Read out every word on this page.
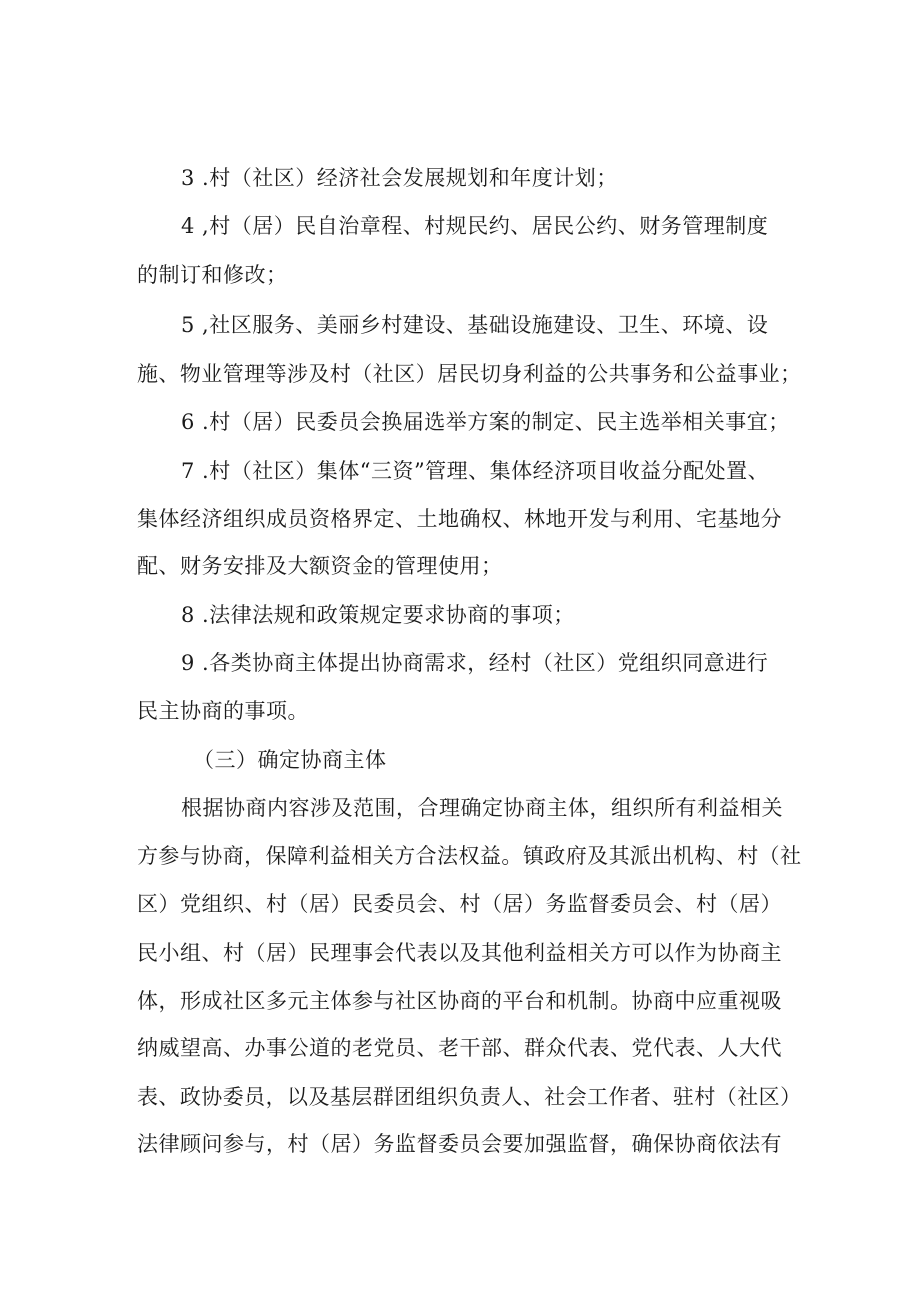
3 .村（社区）经济社会发展规划和年度计划；
4 ,村（居）民自治章程、村规民约、居民公约、财务管理制度
的制订和修改；
5 ,社区服务、美丽乡村建设、基础设施建设、卫生、环境、设
施、物业管理等涉及村（社区）居民切身利益的公共事务和公益事业；
6 .村（居）民委员会换届选举方案的制定、民主选举相关事宜；
7 .村（社区）集体“三资”管理、集体经济项目收益分配处置、
集体经济组织成员资格界定、土地确权、林地开发与利用、宅基地分
配、财务安排及大额资金的管理使用；
8 .法律法规和政策规定要求协商的事项；
9 .各类协商主体提出协商需求，经村（社区）党组织同意进行
民主协商的事项。
（三）确定协商主体
根据协商内容涉及范围，合理确定协商主体，组织所有利益相关
方参与协商，保障利益相关方合法权益。镇政府及其派出机构、村（社
区）党组织、村（居）民委员会、村（居）务监督委员会、村（居）
民小组、村（居）民理事会代表以及其他利益相关方可以作为协商主
体，形成社区多元主体参与社区协商的平台和机制。协商中应重视吸
纳威望高、办事公道的老党员、老干部、群众代表、党代表、人大代
表、政协委员，以及基层群团组织负责人、社会工作者、驻村（社区）
法律顾问参与，村（居）务监督委员会要加强监督，确保协商依法有
